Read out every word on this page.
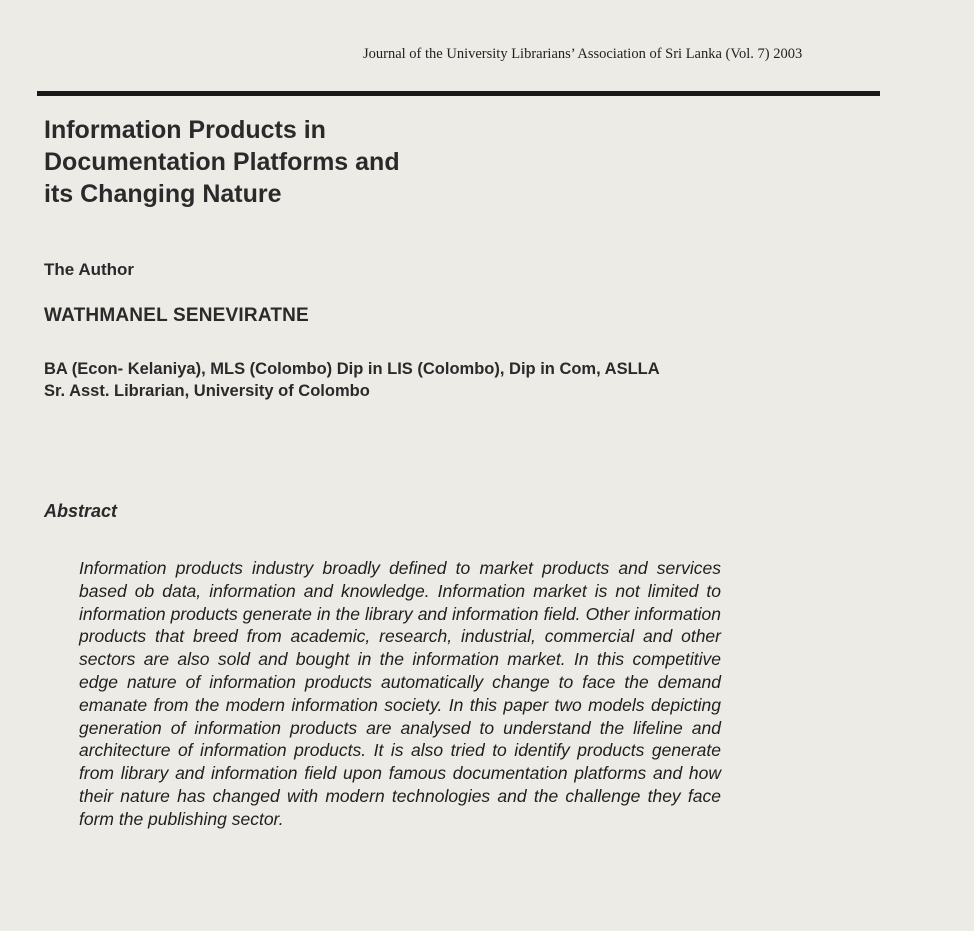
Journal of the University Librarians’ Association of Sri Lanka (Vol. 7) 2003
Information Products in
Documentation Platforms and
its Changing Nature
The Author
WATHMANEL SENEVIRATNE
BA (Econ- Kelaniya), MLS (Colombo) Dip in LIS (Colombo), Dip in Com, ASLLA
Sr. Asst. Librarian, University of Colombo
Abstract

Information products industry broadly defined to market products and services based ob data, information and knowledge. Information market is not limited to information products generate in the library and information field. Other information products that breed from academic, research, industrial, commercial and other sectors are also sold and bought in the information market. In this competitive edge nature of information products automatically change to face the demand emanate from the modern information society. In this paper two models depicting generation of information products are analysed to understand the lifeline and architecture of information products. It is also tried to identify products generate from library and information field upon famous documentation platforms and how their nature has changed with modern technologies and the challenge they face form the publishing sector.
